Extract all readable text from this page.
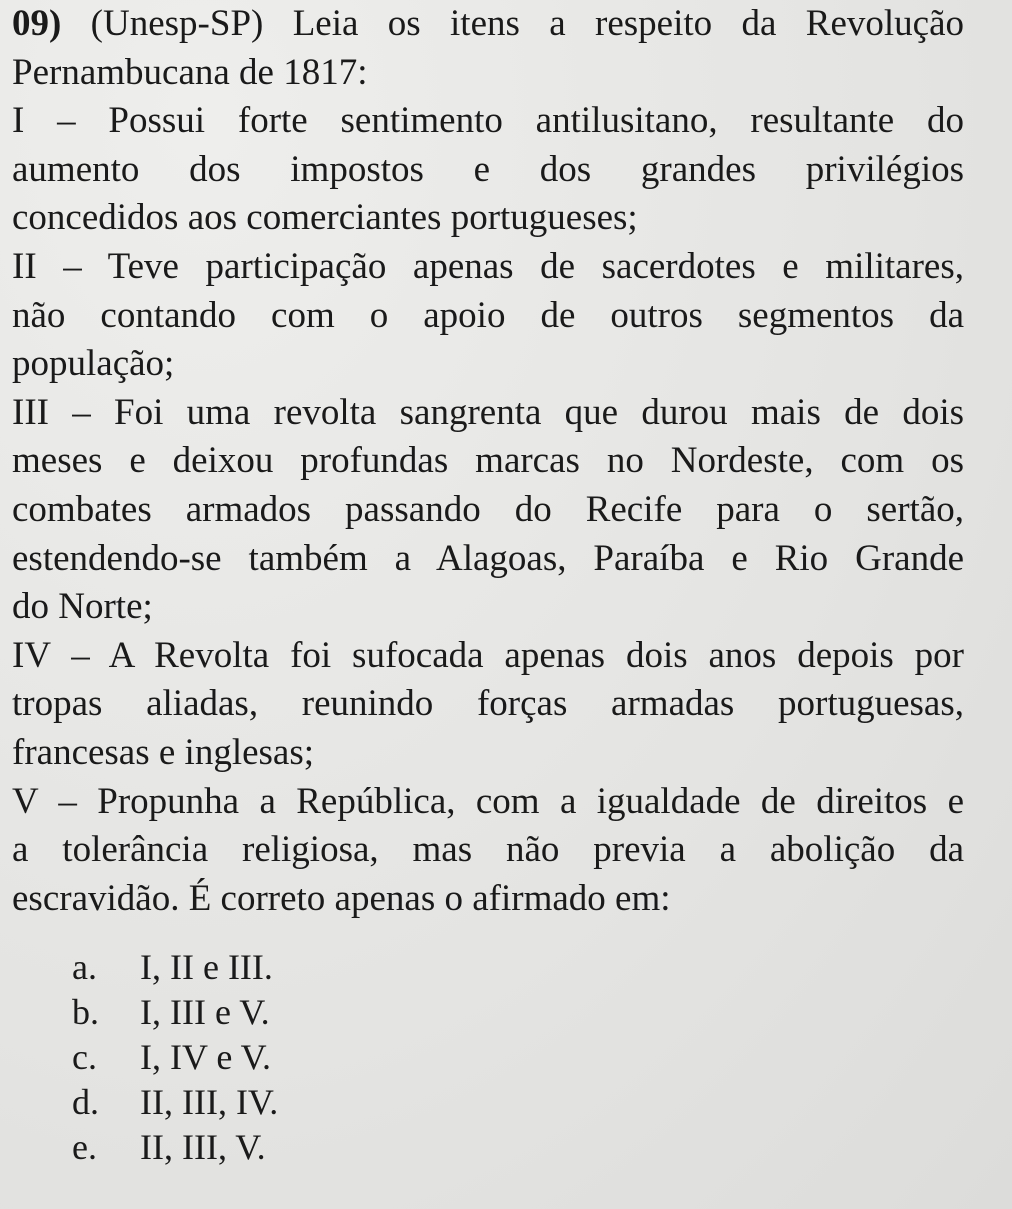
09) (Unesp-SP) Leia os itens a respeito da Revolução
Pernambucana de 1817:
I – Possui forte sentimento antilusitano, resultante do
aumento dos impostos e dos grandes privilégios
concedidos aos comerciantes portugueses;
II – Teve participação apenas de sacerdotes e militares,
não contando com o apoio de outros segmentos da
população;
III – Foi uma revolta sangrenta que durou mais de dois
meses e deixou profundas marcas no Nordeste, com os
combates armados passando do Recife para o sertão,
estendendo-se também a Alagoas, Paraíba e Rio Grande
do Norte;
IV – A Revolta foi sufocada apenas dois anos depois por
tropas aliadas, reunindo forças armadas portuguesas,
francesas e inglesas;
V – Propunha a República, com a igualdade de direitos e
a tolerância religiosa, mas não previa a abolição da
escravidão. É correto apenas o afirmado em:
a. I, II e III.
b. I, III e V.
c. I, IV e V.
d. II, III, IV.
e. II, III, V.
